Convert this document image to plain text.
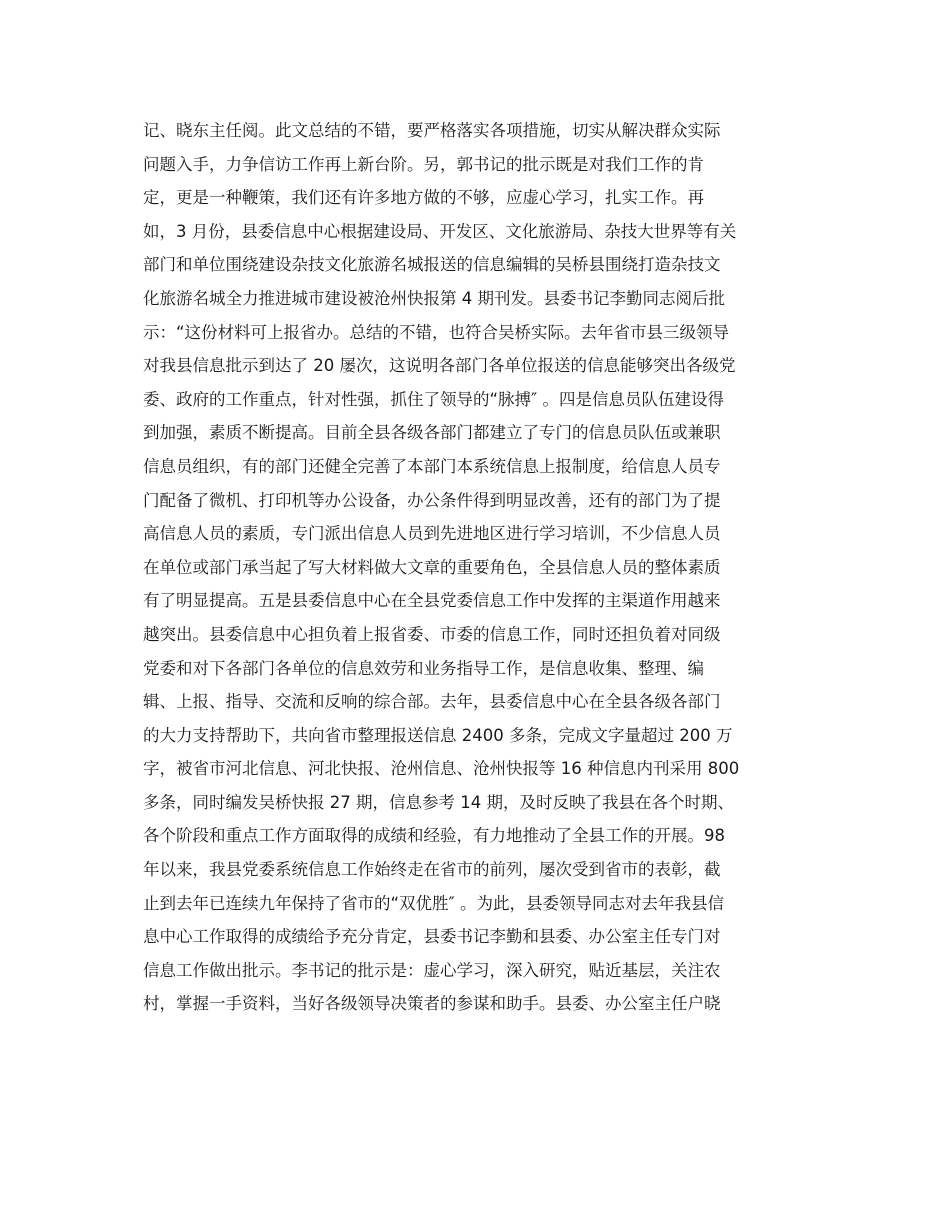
记、晓东主任阅。此文总结的不错，要严格落实各项措施，切实从解决群众实际
问题入手，力争信访工作再上新台阶。另，郭书记的批示既是对我们工作的肯
定，更是一种鞭策，我们还有许多地方做的不够，应虚心学习，扎实工作。再
如，3 月份，县委信息中心根据建设局、开发区、文化旅游局、杂技大世界等有关
部门和单位围绕建设杂技文化旅游名城报送的信息编辑的吴桥县围绕打造杂技文
化旅游名城全力推进城市建设被沧州快报第 4 期刊发。县委书记李勤同志阅后批
示：“这份材料可上报省办。总结的不错，也符合吴桥实际。去年省市县三级领导
对我县信息批示到达了 20 屡次，这说明各部门各单位报送的信息能够突出各级党
委、政府的工作重点，针对性强，抓住了领导的“脉搏″ 。四是信息员队伍建设得
到加强，素质不断提高。目前全县各级各部门都建立了专门的信息员队伍或兼职
信息员组织，有的部门还健全完善了本部门本系统信息上报制度，给信息人员专
门配备了微机、打印机等办公设备，办公条件得到明显改善，还有的部门为了提
高信息人员的素质，专门派出信息人员到先进地区进行学习培训，不少信息人员
在单位或部门承当起了写大材料做大文章的重要角色，全县信息人员的整体素质
有了明显提高。五是县委信息中心在全县党委信息工作中发挥的主渠道作用越来
越突出。县委信息中心担负着上报省委、市委的信息工作，同时还担负着对同级
党委和对下各部门各单位的信息效劳和业务指导工作，是信息收集、整理、编
辑、上报、指导、交流和反响的综合部。去年，县委信息中心在全县各级各部门
的大力支持帮助下，共向省市整理报送信息 2400 多条，完成文字量超过 200 万
字，被省市河北信息、河北快报、沧州信息、沧州快报等 16 种信息内刊采用 800
多条，同时编发吴桥快报 27 期，信息参考 14 期，及时反映了我县在各个时期、
各个阶段和重点工作方面取得的成绩和经验，有力地推动了全县工作的开展。98
年以来，我县党委系统信息工作始终走在省市的前列，屡次受到省市的表彰，截
止到去年已连续九年保持了省市的“双优胜″ 。为此，县委领导同志对去年我县信
息中心工作取得的成绩给予充分肯定，县委书记李勤和县委、办公室主任专门对
信息工作做出批示。李书记的批示是：虚心学习，深入研究，贴近基层，关注农
村，掌握一手资料，当好各级领导决策者的参谋和助手。县委、办公室主任户晓
